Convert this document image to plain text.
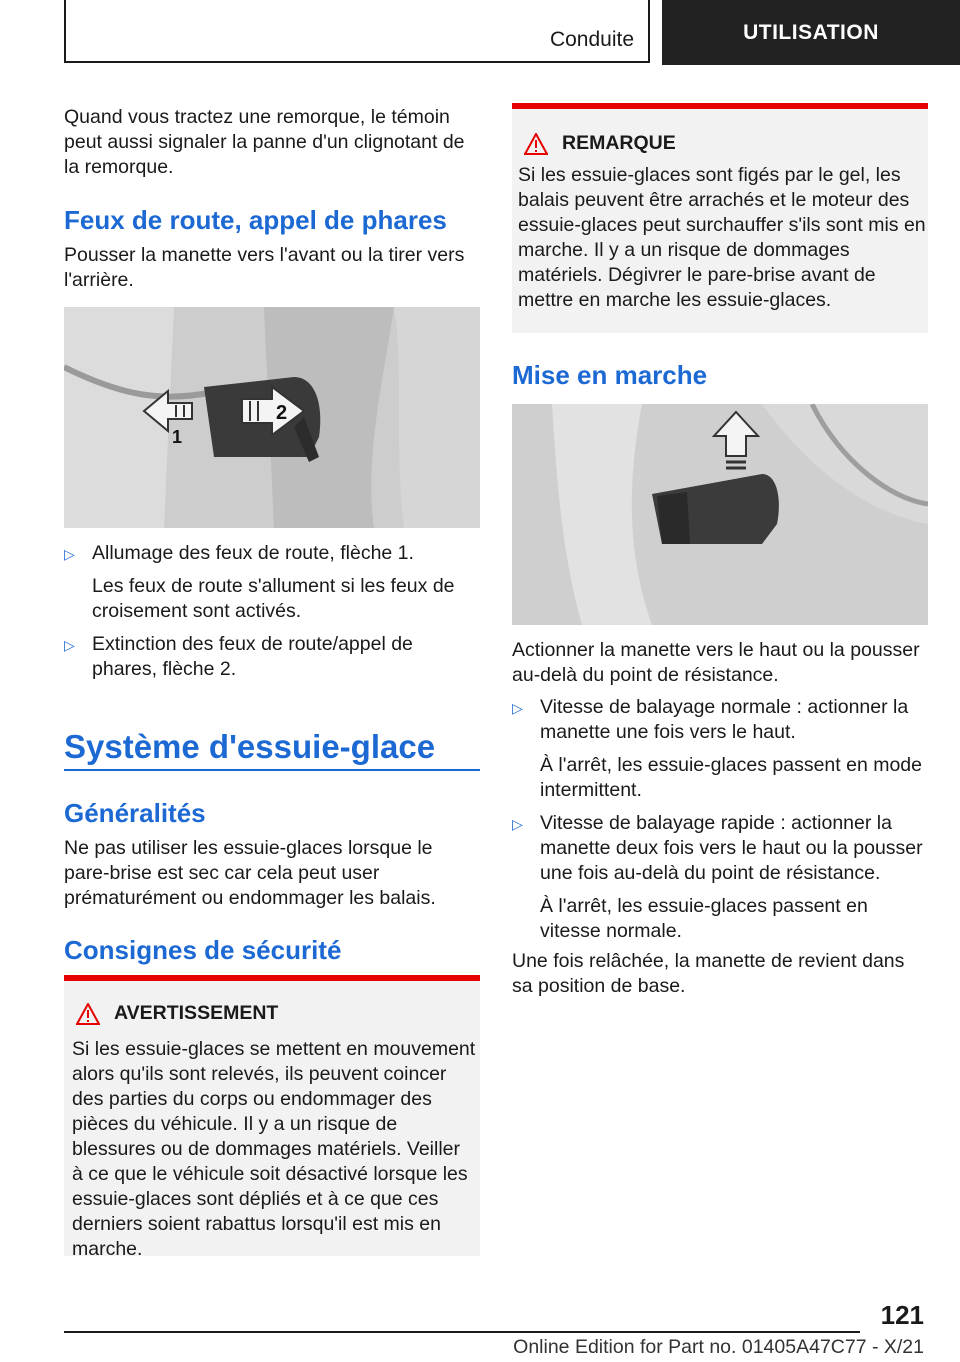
Conduite	UTILISATION
Quand vous tractez une remorque, le témoin peut aussi signaler la panne d'un clignotant de la remorque.
Feux de route, appel de phares
Pousser la manette vers l'avant ou la tirer vers l'arrière.
1
2
▷ Allumage des feux de route, flèche 1.
Les feux de route s'allument si les feux de croisement sont activés.
▷ Extinction des feux de route/appel de phares, flèche 2.
Système d'essuie-glace
Généralités
Ne pas utiliser les essuie-glaces lorsque le pare-brise est sec car cela peut user prématurément ou endommager les balais.
Consignes de sécurité
AVERTISSEMENT
Si les essuie-glaces se mettent en mouvement alors qu'ils sont relevés, ils peuvent coincer des parties du corps ou endommager des pièces du véhicule. Il y a un risque de blessures ou de dommages matériels. Veiller à ce que le véhicule soit désactivé lorsque les essuie-glaces sont dépliés et à ce que ces derniers soient rabattus lorsqu'il est mis en marche.
REMARQUE
Si les essuie-glaces sont figés par le gel, les balais peuvent être arrachés et le moteur des essuie-glaces peut surchauffer s'ils sont mis en marche. Il y a un risque de dommages matériels. Dégivrer le pare-brise avant de mettre en marche les essuie-glaces.
Mise en marche
Actionner la manette vers le haut ou la pousser au-delà du point de résistance.
▷ Vitesse de balayage normale : actionner la manette une fois vers le haut.
À l'arrêt, les essuie-glaces passent en mode intermittent.
▷ Vitesse de balayage rapide : actionner la manette deux fois vers le haut ou la pousser une fois au-delà du point de résistance.
À l'arrêt, les essuie-glaces passent en vitesse normale.
Une fois relâchée, la manette de revient dans sa position de base.
121
Online Edition for Part no. 01405A47C77 - X/21
